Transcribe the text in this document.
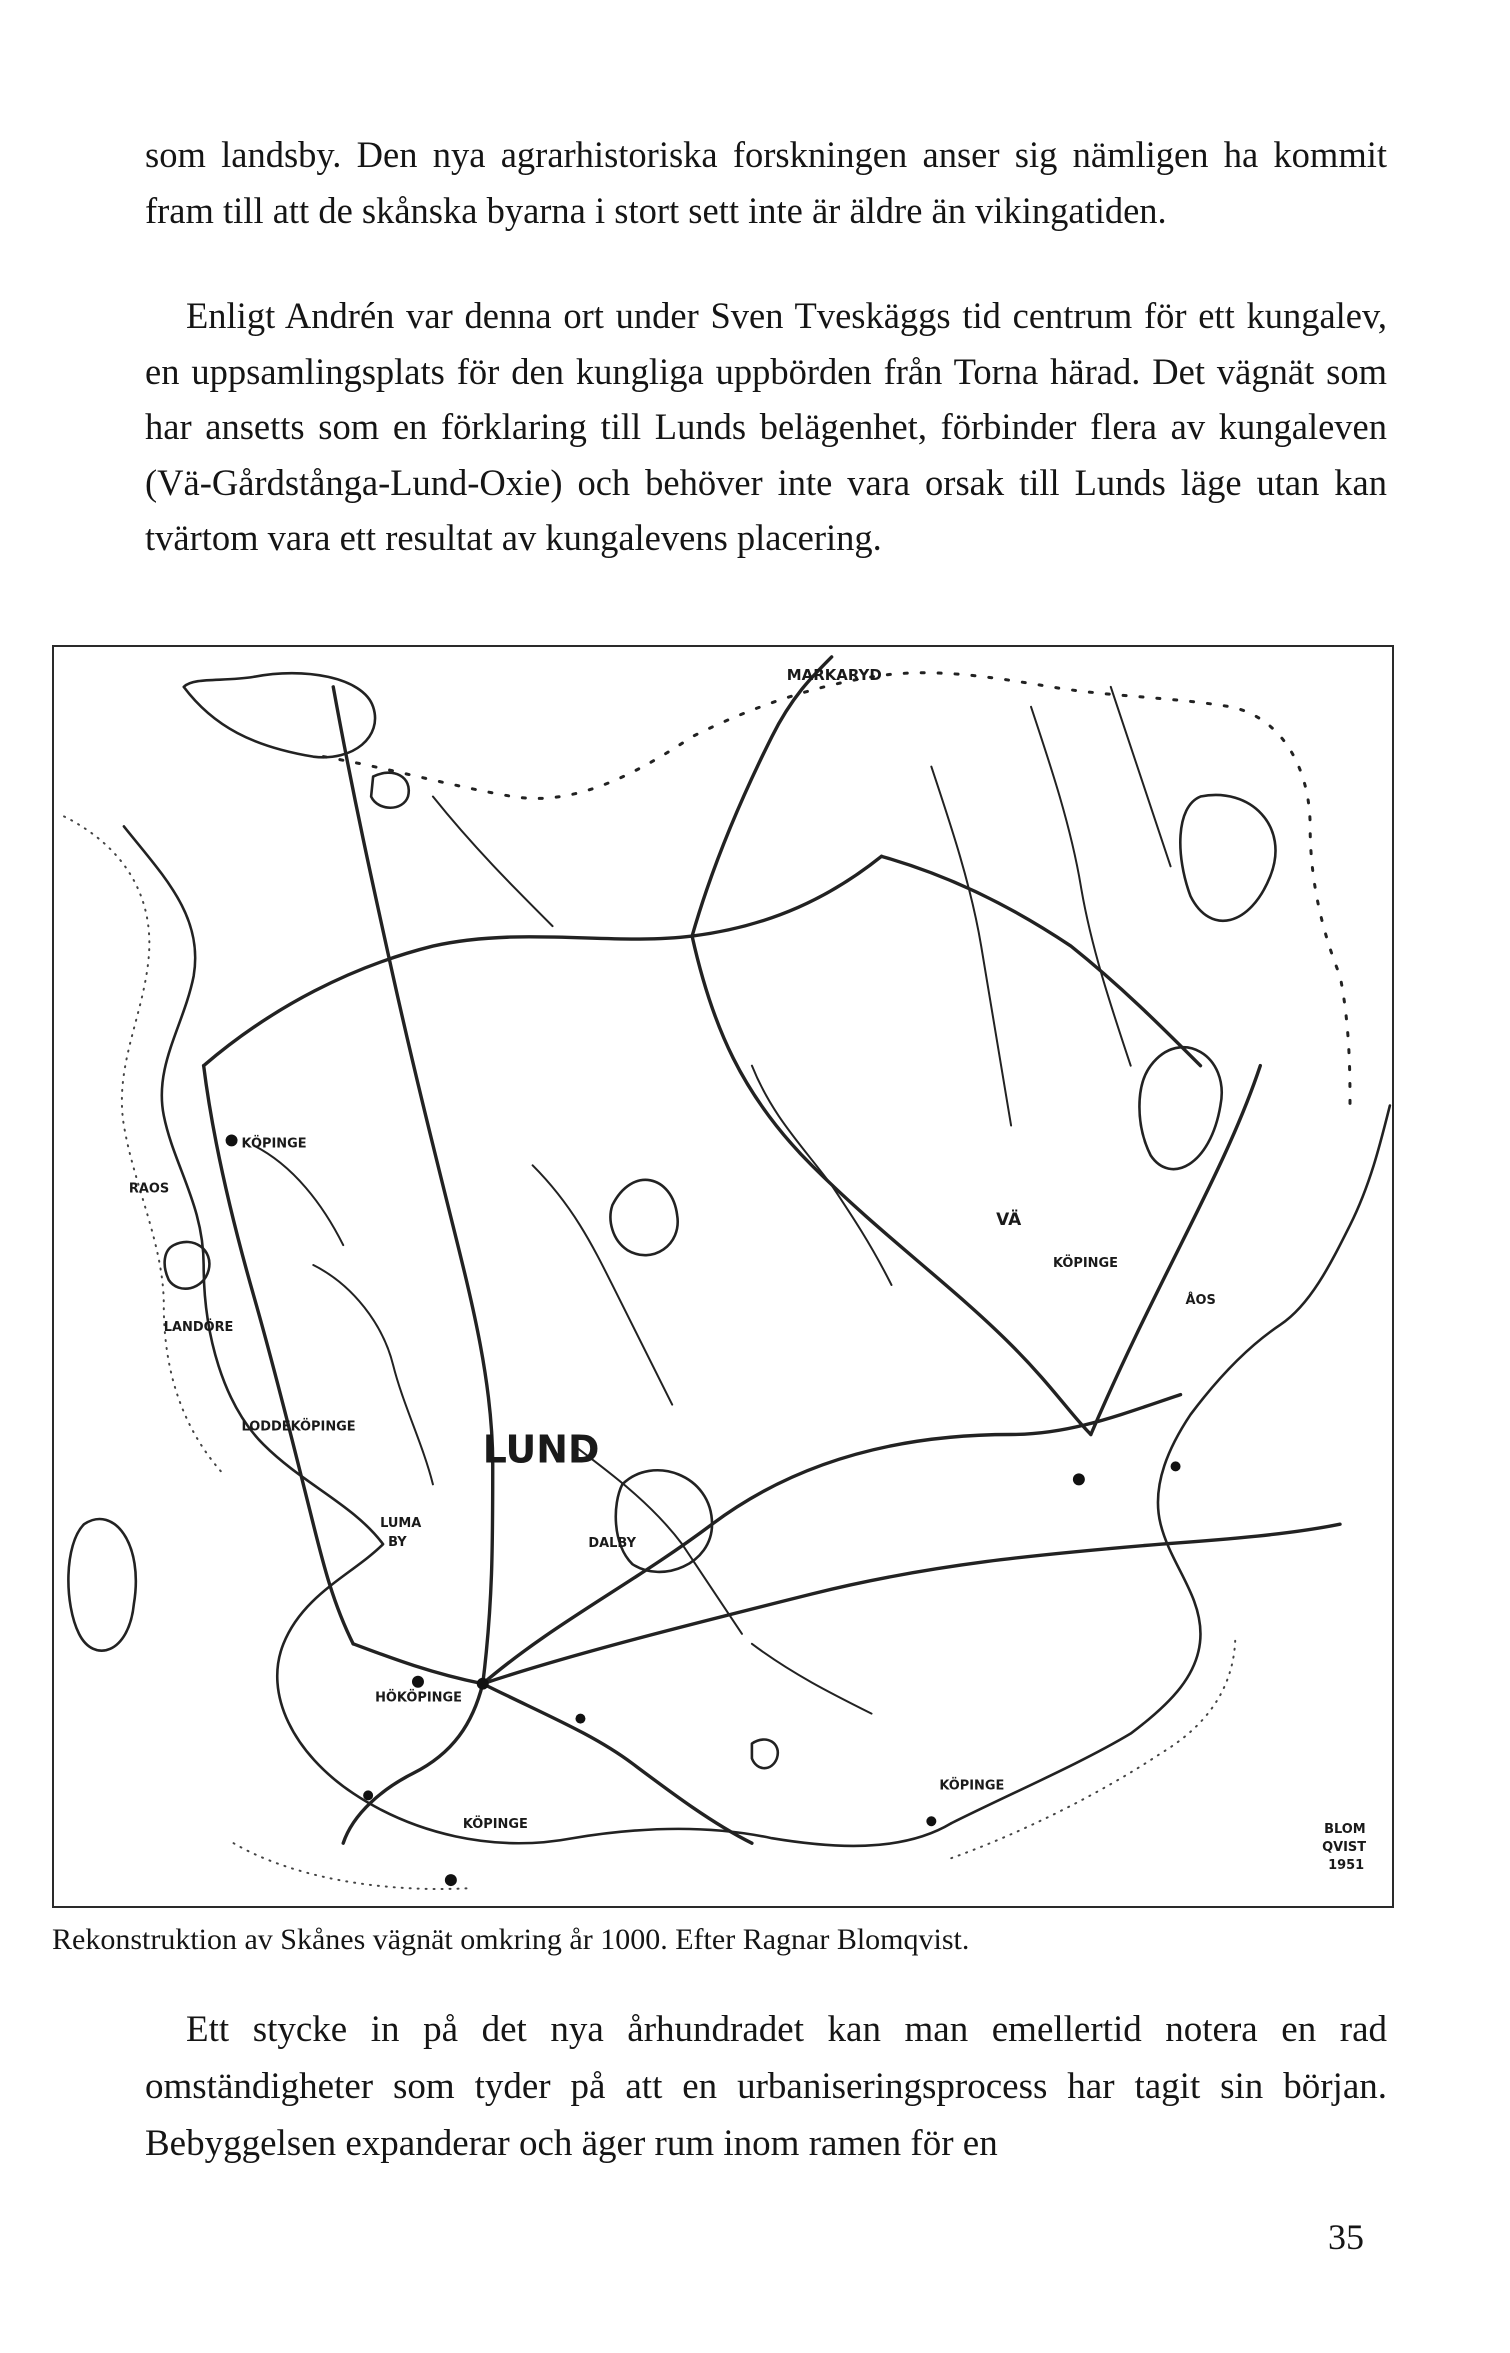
som landsby. Den nya agrarhistoriska forskningen anser sig nämligen ha kommit fram till att de skånska byarna i stort sett inte är äldre än vikingatiden.

Enligt Andrén var denna ort under Sven Tveskäggs tid centrum för ett kungalev, en uppsamlingsplats för den kungliga uppbörden från Torna härad. Det vägnät som har ansetts som en förklaring till Lunds belägenhet, förbinder flera av kungaleven (Vä-Gårdstånga-Lund-Oxie) och behöver inte vara orsak till Lunds läge utan kan tvärtom vara ett resultat av kungalevens placering.

MARKARYD
KÖPINGE
RAOS
LANDÖRE
LODDEKÖPINGE
LUND
LUMA
BY	DALBY
HÖKÖPINGE
KÖPINGE
KÖPINGE
VÄ
KÖPINGE
ÅOS
BLOM
QVIST
1951
Rekonstruktion av Skånes vägnät omkring år 1000. Efter Ragnar Blomqvist.

Ett stycke in på det nya århundradet kan man emellertid notera en rad omständigheter som tyder på att en urbaniseringsprocess har tagit sin början. Bebyggelsen expanderar och äger rum inom ramen för en

35
